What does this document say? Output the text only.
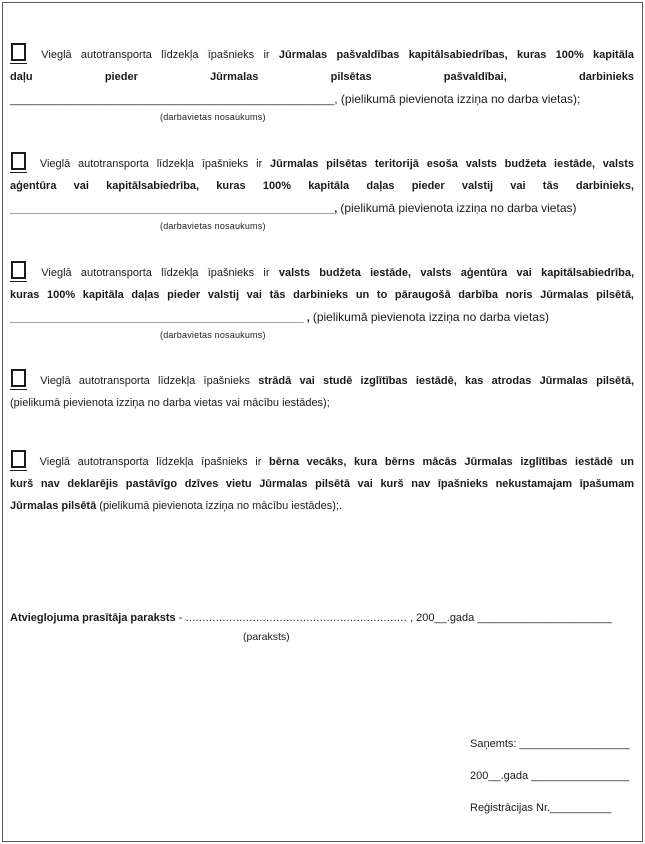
Vieglā autotransporta līdzekļa īpašnieks ir Jūrmalas pašvaldības kapitālsabiedrības, kuras 100% kapitāla
daļu pieder Jūrmalas pilsētas pašvaldībai, darbinieks
_____________________________________________________, (pielikumā pievienota izziņa no darba vietas);
(darbavietas nosaukums)
Vieglā autotransporta līdzekļa īpašnieks ir Jūrmalas pilsētas teritorijā esoša valsts budžeta iestāde, valsts
aģentūra vai kapitālsabiedrība, kuras 100% kapitāla daļas pieder valstij vai tās darbinieks,
_____________________________________________________, (pielikumā pievienota izziņa no darba vietas)
(darbavietas nosaukums)
Vieglā autotransporta līdzekļa īpašnieks ir valsts budžeta iestāde, valsts aģentūra vai kapitālsabiedrība,
kuras 100% kapitāla daļas pieder valstij vai tās darbinieks un to pāraugošā darbība noris Jūrmalas pilsētā,
________________________________________________ , (pielikumā pievienota izziņa no darba vietas)
(darbavietas nosaukums)
Vieglā autotransporta līdzekļa īpašnieks strādā vai studē izglītības iestādē, kas atrodas Jūrmalas pilsētā,
(pielikumā pievienota izziņa no darba vietas vai mācību iestādes);
Vieglā autotransporta līdzekļa īpašnieks ir bērna vecāks, kura bērns mācās Jūrmalas izglītības iestādē un
kurš nav deklarējis pastāvīgo dzīves vietu Jūrmalas pilsētā vai kurš nav īpašnieks nekustamajam īpašumam
Jūrmalas pilsētā (pielikumā pievienota izziņa no mācību iestādes);.
Atvieglojuma prasītāja paraksts - .................................................................. , 200__.gada ______________________
(paraksts)
Saņemts: __________________
200__.gada ________________
Reģistrācijas Nr.__________
